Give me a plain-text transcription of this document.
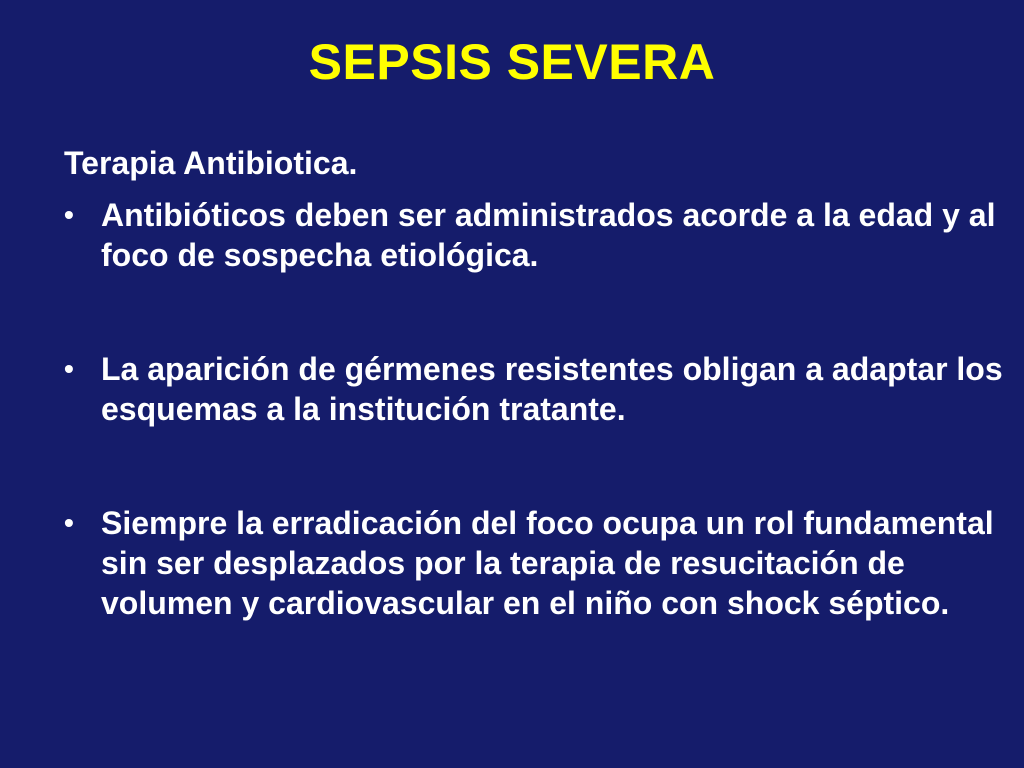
SEPSIS SEVERA
Terapia Antibiotica.
• Antibióticos deben ser administrados acorde a la edad y al foco de sospecha etiológica.
• La aparición de gérmenes resistentes obligan a adaptar los esquemas a la institución tratante.
• Siempre la erradicación del foco ocupa un rol fundamental sin ser desplazados por la terapia de resucitación de volumen y cardiovascular en el niño con shock séptico.
